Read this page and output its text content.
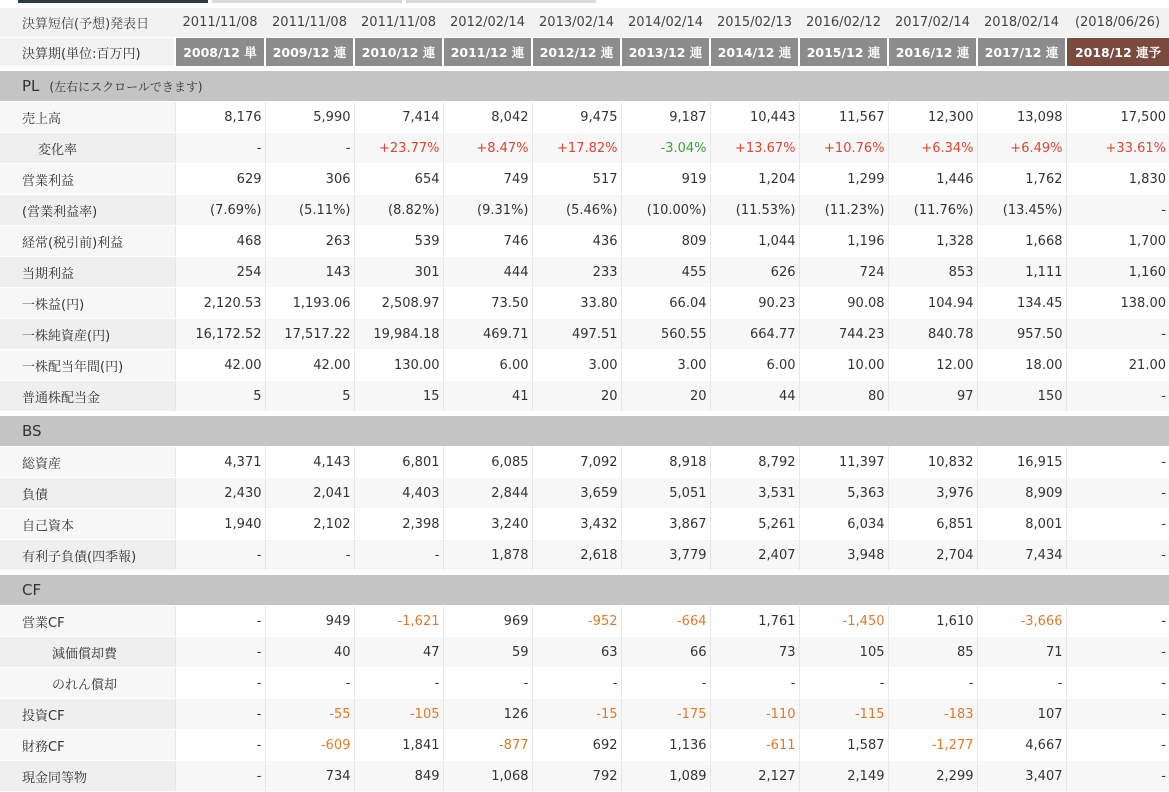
決算短信(予想)発表日	2011/11/08	2011/11/08	2011/11/08	2012/02/14	2013/02/14	2014/02/14	2015/02/13	2016/02/12	2017/02/14	2018/02/14	(2018/06/26)
決算期(単位:百万円)	2008/12 単	2009/12 連	2010/12 連	2011/12 連	2012/12 連	2013/12 連	2014/12 連	2015/12 連	2016/12 連	2017/12 連	2018/12 連予

PL (左右にスクロールできます)											
売上高	8,176	5,990	7,414	8,042	9,475	9,187	10,443	11,567	12,300	13,098	17,500
変化率	-	-	+23.77%	+8.47%	+17.82%	-3.04%	+13.67%	+10.76%	+6.34%	+6.49%	+33.61%
営業利益	629	306	654	749	517	919	1,204	1,299	1,446	1,762	1,830
(営業利益率)	(7.69%)	(5.11%)	(8.82%)	(9.31%)	(5.46%)	(10.00%)	(11.53%)	(11.23%)	(11.76%)	(13.45%)	-
経常(税引前)利益	468	263	539	746	436	809	1,044	1,196	1,328	1,668	1,700
当期利益	254	143	301	444	233	455	626	724	853	1,111	1,160
一株益(円)	2,120.53	1,193.06	2,508.97	73.50	33.80	66.04	90.23	90.08	104.94	134.45	138.00
一株純資産(円)	16,172.52	17,517.22	19,984.18	469.71	497.51	560.55	664.77	744.23	840.78	957.50	-
一株配当年間(円)	42.00	42.00	130.00	6.00	3.00	3.00	6.00	10.00	12.00	18.00	21.00
普通株配当金	5	5	15	41	20	20	44	80	97	150	-

BS											
総資産	4,371	4,143	6,801	6,085	7,092	8,918	8,792	11,397	10,832	16,915	-
負債	2,430	2,041	4,403	2,844	3,659	5,051	3,531	5,363	3,976	8,909	-
自己資本	1,940	2,102	2,398	3,240	3,432	3,867	5,261	6,034	6,851	8,001	-
有利子負債(四季報)	-	-	-	1,878	2,618	3,779	2,407	3,948	2,704	7,434	-

CF											
営業CF	-	949	-1,621	969	-952	-664	1,761	-1,450	1,610	-3,666	-
減価償却費	-	40	47	59	63	66	73	105	85	71	-
のれん償却	-	-	-	-	-	-	-	-	-	-	-
投資CF	-	-55	-105	126	-15	-175	-110	-115	-183	107	-
財務CF	-	-609	1,841	-877	692	1,136	-611	1,587	-1,277	4,667	-
現金同等物	-	734	849	1,068	792	1,089	2,127	2,149	2,299	3,407	-
